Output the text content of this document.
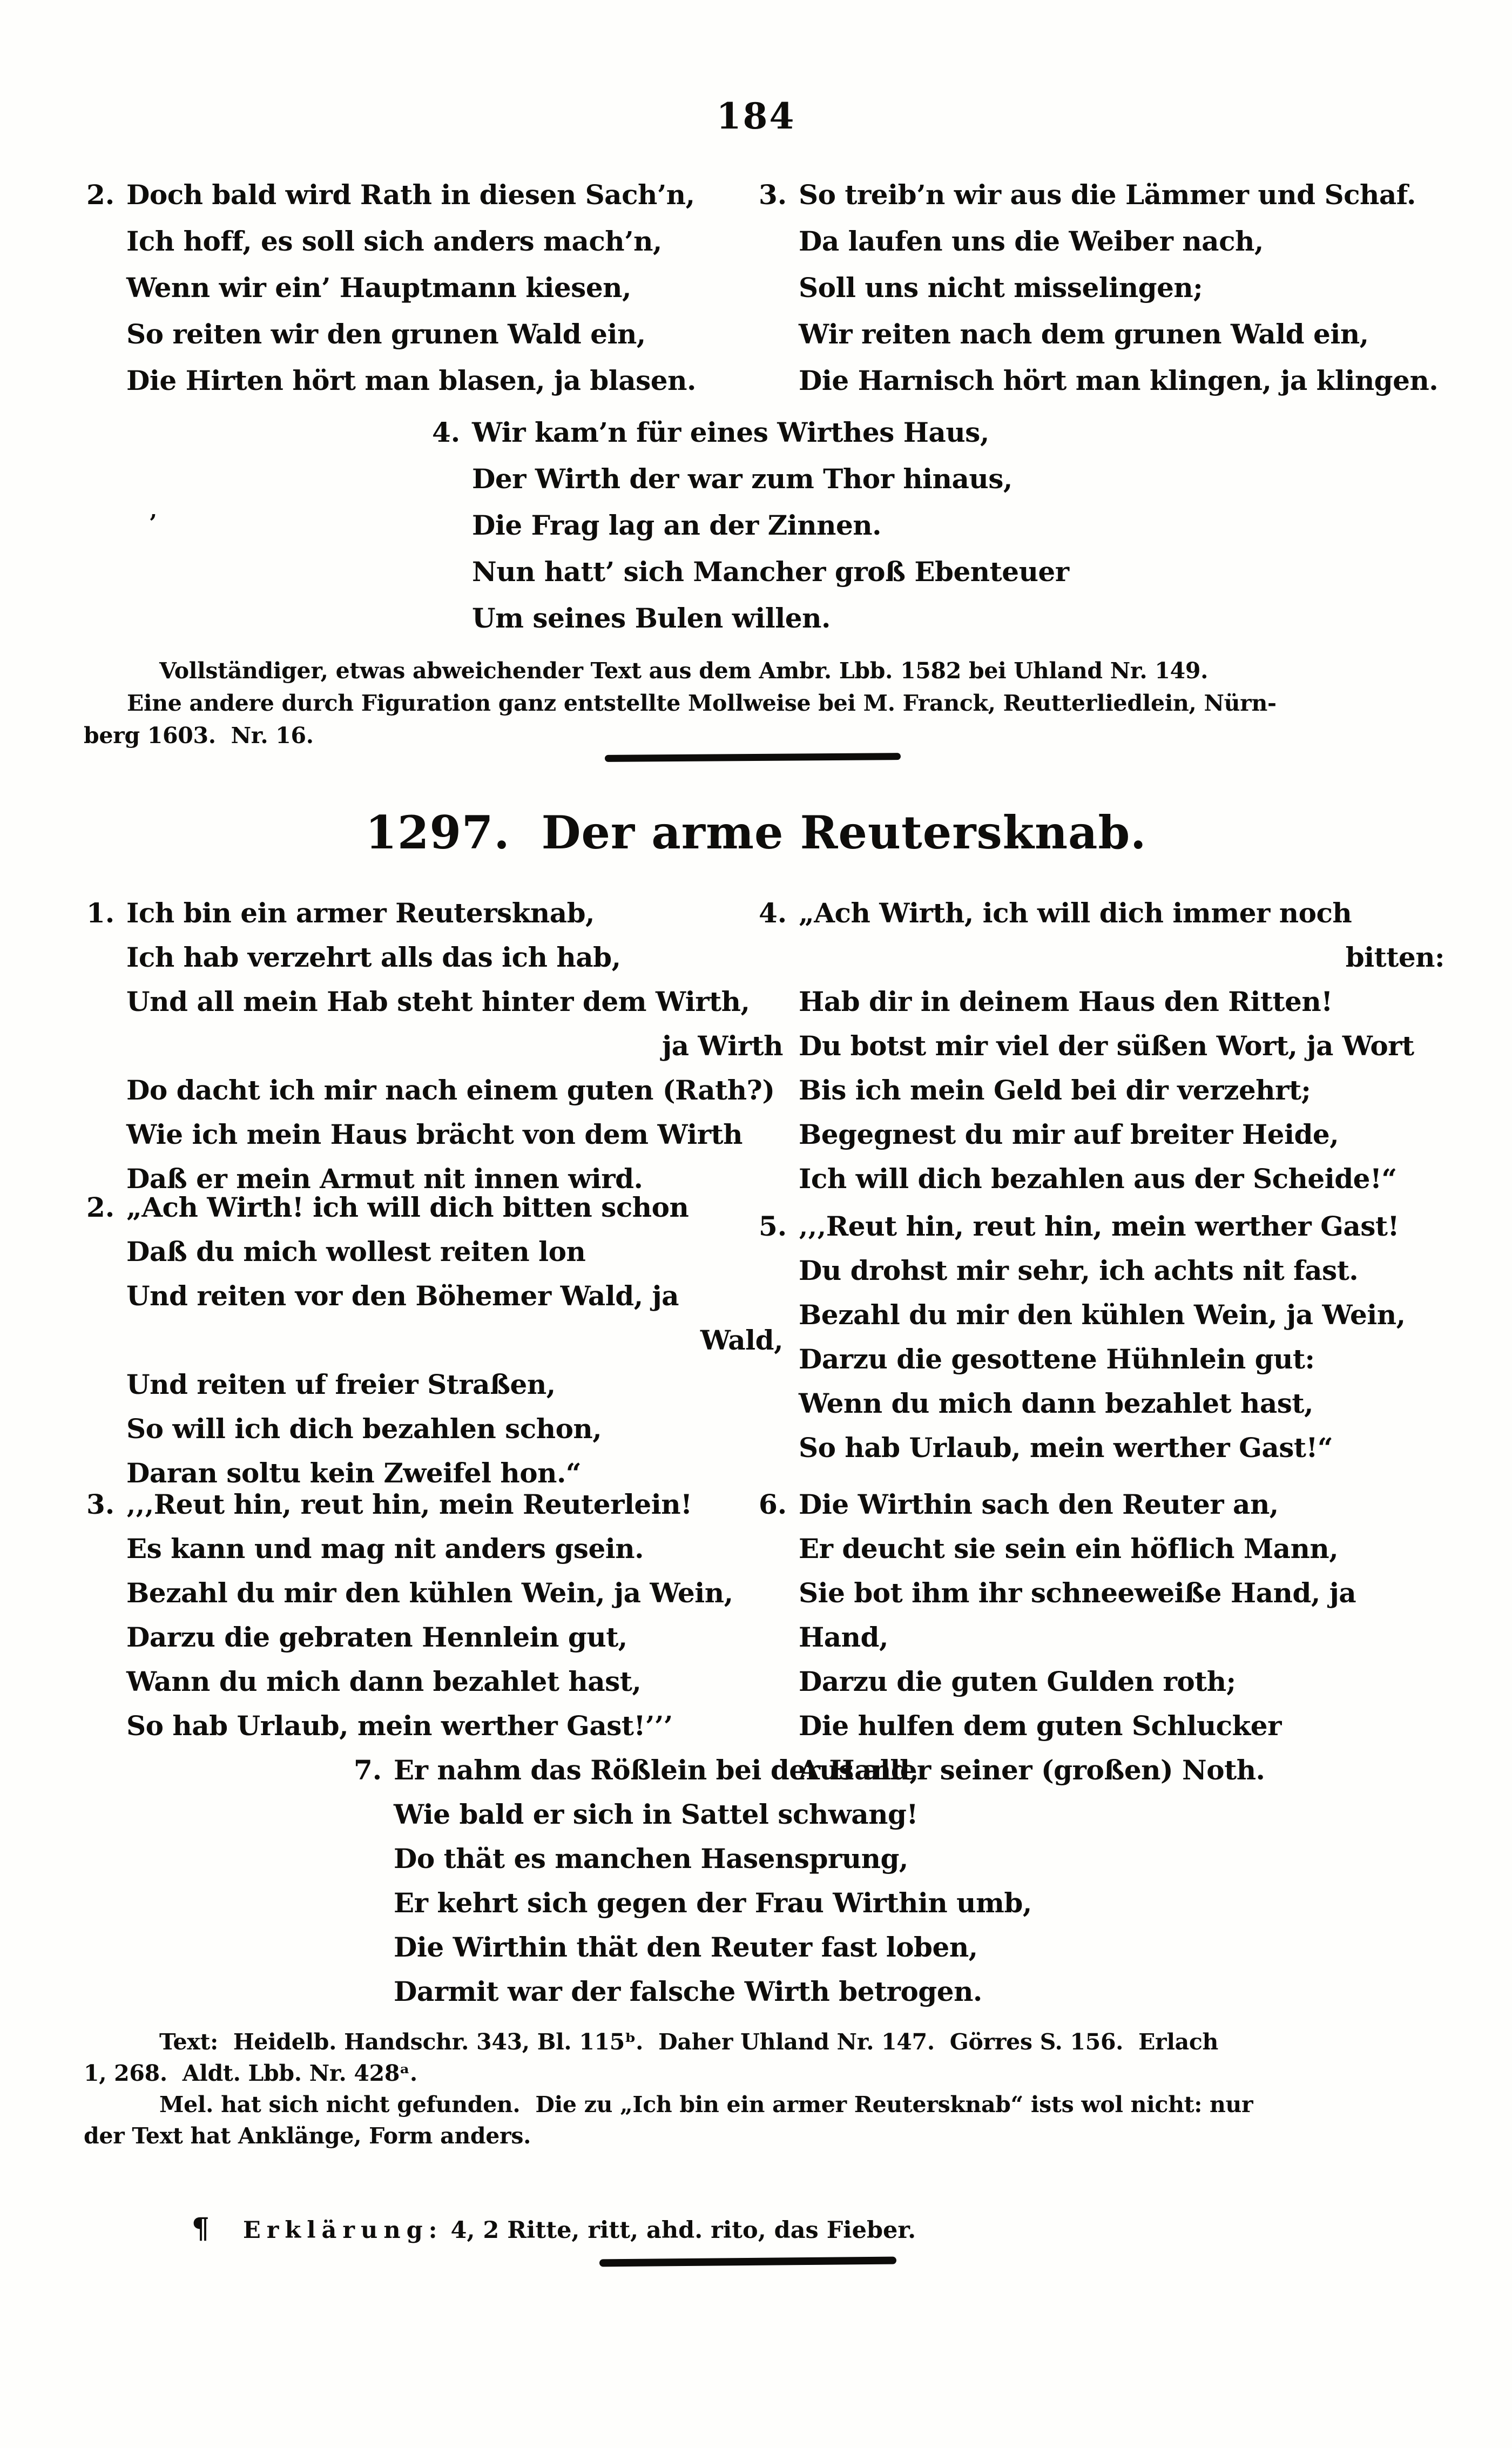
184
2. Doch bald wird Rath in diesen Sach’n,
Ich hoff, es soll sich anders mach’n,
Wenn wir ein’ Hauptmann kiesen,
So reiten wir den grunen Wald ein,
Die Hirten hört man blasen, ja blasen.
3. So treib’n wir aus die Lämmer und Schaf.
Da laufen uns die Weiber nach,
Soll uns nicht misselingen;
Wir reiten nach dem grunen Wald ein,
Die Harnisch hört man klingen, ja klingen.
4. Wir kam’n für eines Wirthes Haus,
Der Wirth der war zum Thor hinaus,
Die Frag lag an der Zinnen.
Nun hatt’ sich Mancher groß Ebenteuer
Um seines Bulen willen.
’
Vollständiger, etwas abweichender Text aus dem Ambr. Lbb. 1582 bei Uhland Nr. 149.
Eine andere durch Figuration ganz entstellte Mollweise bei M. Franck, Reutterliedlein, Nürn-
berg 1603.  Nr. 16.
1297. Der arme Reutersknab.
1. Ich bin ein armer Reutersknab,
Ich hab verzehrt alls das ich hab,
Und all mein Hab steht hinter dem Wirth,
ja Wirth
Do dacht ich mir nach einem guten (Rath?)
Wie ich mein Haus brächt von dem Wirth
Daß er mein Armut nit innen wird.
2. „Ach Wirth! ich will dich bitten schon
Daß du mich wollest reiten lon
Und reiten vor den Böhemer Wald, ja
Wald,
Und reiten uf freier Straßen,
So will ich dich bezahlen schon,
Daran soltu kein Zweifel hon.“
3. ‚‚‚Reut hin, reut hin, mein Reuterlein!
Es kann und mag nit anders gsein.
Bezahl du mir den kühlen Wein, ja Wein,
Darzu die gebraten Hennlein gut,
Wann du mich dann bezahlet hast,
So hab Urlaub, mein werther Gast!’’’
4. „Ach Wirth, ich will dich immer noch
bitten:
Hab dir in deinem Haus den Ritten!
Du botst mir viel der süßen Wort, ja Wort
Bis ich mein Geld bei dir verzehrt;
Begegnest du mir auf breiter Heide,
Ich will dich bezahlen aus der Scheide!“
5. ‚‚‚Reut hin, reut hin, mein werther Gast!
Du drohst mir sehr, ich achts nit fast.
Bezahl du mir den kühlen Wein, ja Wein,
Darzu die gesottene Hühnlein gut:
Wenn du mich dann bezahlet hast,
So hab Urlaub, mein werther Gast!“
6. Die Wirthin sach den Reuter an,
Er deucht sie sein ein höflich Mann,
Sie bot ihm ihr schneeweiße Hand, ja Hand,
Darzu die guten Gulden roth;
Die hulfen dem guten Schlucker
Aus aller seiner (großen) Noth.
7. Er nahm das Rößlein bei der Hand,
Wie bald er sich in Sattel schwang!
Do thät es manchen Hasensprung,
Er kehrt sich gegen der Frau Wirthin umb,
Die Wirthin thät den Reuter fast loben,
Darmit war der falsche Wirth betrogen.
Text:  Heidelb. Handschr. 343, Bl. 115ᵇ.  Daher Uhland Nr. 147.  Görres S. 156.  Erlach
1, 268.  Aldt. Lbb. Nr. 428ᵃ.
Mel. hat sich nicht gefunden.  Die zu „Ich bin ein armer Reutersknab“ ists wol nicht: nur
der Text hat Anklänge, Form anders.

¶ Erklärung: 4, 2 Ritte, ritt, ahd. rito, das Fieber.
